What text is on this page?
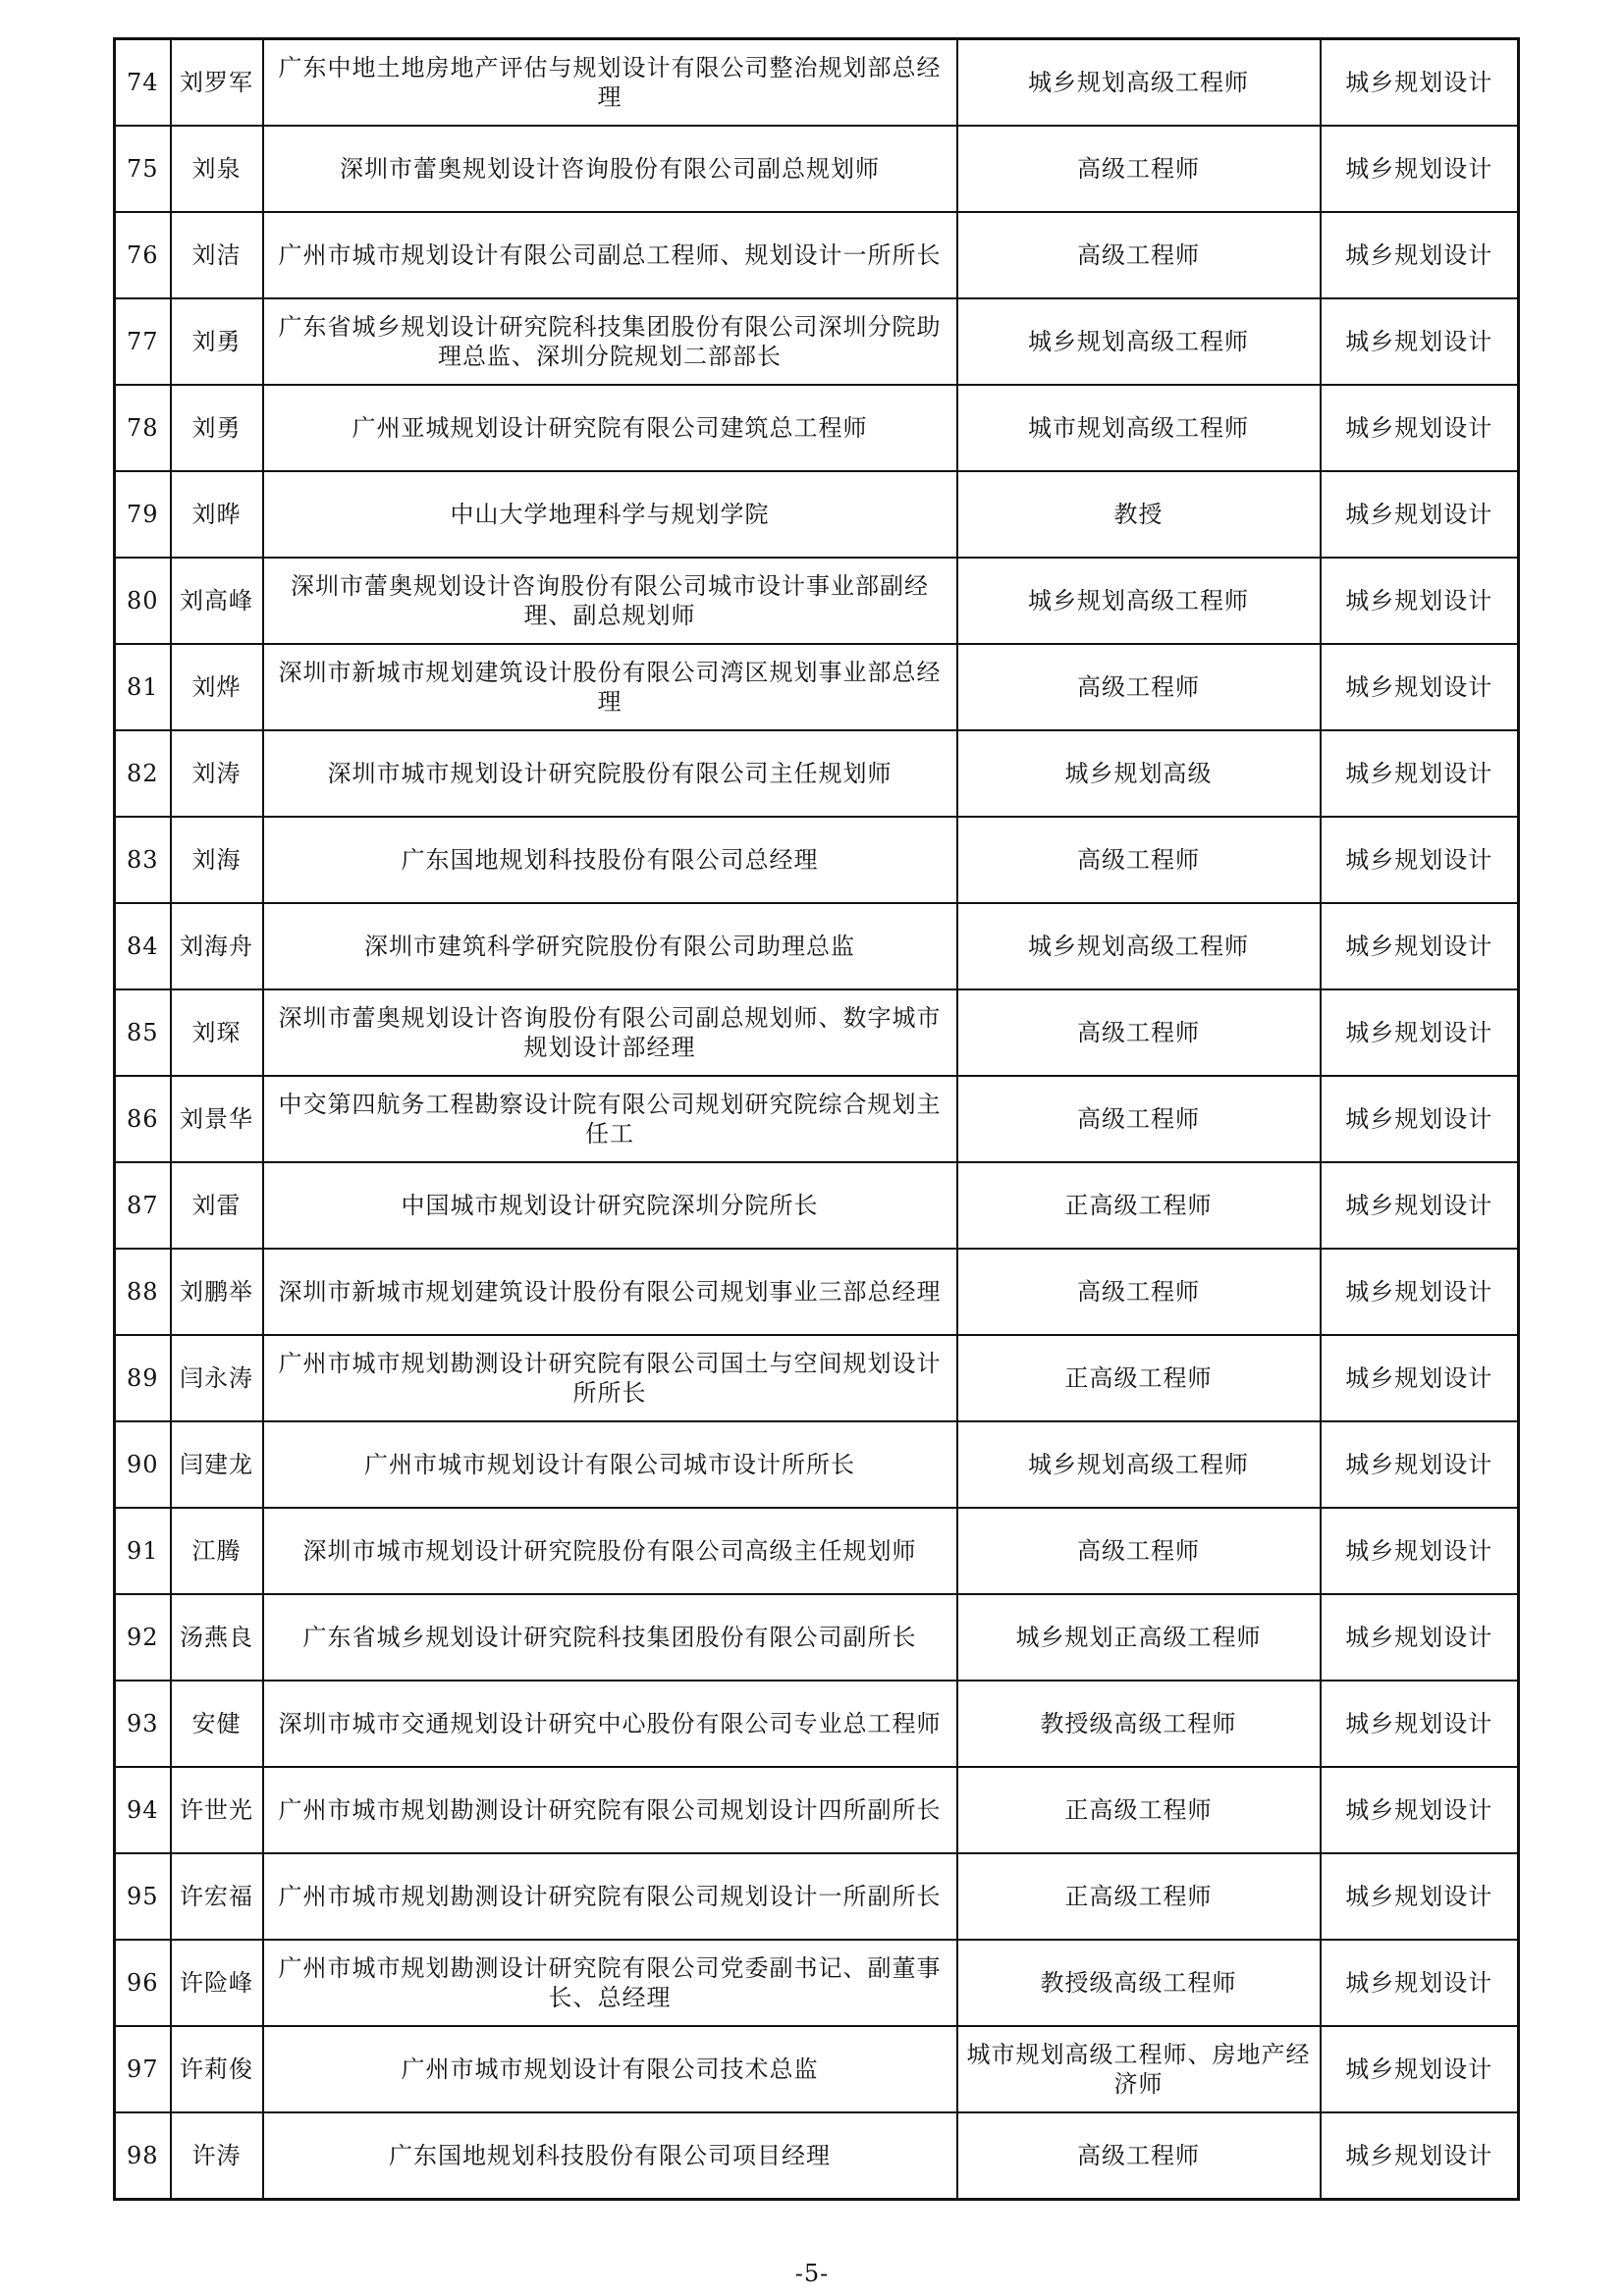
74	刘罗军	广东中地土地房地产评估与规划设计有限公司整治规划部总经理	城乡规划高级工程师	城乡规划设计
75	刘泉	深圳市蕾奥规划设计咨询股份有限公司副总规划师	高级工程师	城乡规划设计
76	刘洁	广州市城市规划设计有限公司副总工程师、规划设计一所所长	高级工程师	城乡规划设计
77	刘勇	广东省城乡规划设计研究院科技集团股份有限公司深圳分院助理总监、深圳分院规划二部部长	城乡规划高级工程师	城乡规划设计
78	刘勇	广州亚城规划设计研究院有限公司建筑总工程师	城市规划高级工程师	城乡规划设计
79	刘晔	中山大学地理科学与规划学院	教授	城乡规划设计
80	刘高峰	深圳市蕾奥规划设计咨询股份有限公司城市设计事业部副经理、副总规划师	城乡规划高级工程师	城乡规划设计
81	刘烨	深圳市新城市规划建筑设计股份有限公司湾区规划事业部总经理	高级工程师	城乡规划设计
82	刘涛	深圳市城市规划设计研究院股份有限公司主任规划师	城乡规划高级	城乡规划设计
83	刘海	广东国地规划科技股份有限公司总经理	高级工程师	城乡规划设计
84	刘海舟	深圳市建筑科学研究院股份有限公司助理总监	城乡规划高级工程师	城乡规划设计
85	刘琛	深圳市蕾奥规划设计咨询股份有限公司副总规划师、数字城市规划设计部经理	高级工程师	城乡规划设计
86	刘景华	中交第四航务工程勘察设计院有限公司规划研究院综合规划主任工	高级工程师	城乡规划设计
87	刘雷	中国城市规划设计研究院深圳分院所长	正高级工程师	城乡规划设计
88	刘鹏举	深圳市新城市规划建筑设计股份有限公司规划事业三部总经理	高级工程师	城乡规划设计
89	闫永涛	广州市城市规划勘测设计研究院有限公司国土与空间规划设计所所长	正高级工程师	城乡规划设计
90	闫建龙	广州市城市规划设计有限公司城市设计所所长	城乡规划高级工程师	城乡规划设计
91	江腾	深圳市城市规划设计研究院股份有限公司高级主任规划师	高级工程师	城乡规划设计
92	汤燕良	广东省城乡规划设计研究院科技集团股份有限公司副所长	城乡规划正高级工程师	城乡规划设计
93	安健	深圳市城市交通规划设计研究中心股份有限公司专业总工程师	教授级高级工程师	城乡规划设计
94	许世光	广州市城市规划勘测设计研究院有限公司规划设计四所副所长	正高级工程师	城乡规划设计
95	许宏福	广州市城市规划勘测设计研究院有限公司规划设计一所副所长	正高级工程师	城乡规划设计
96	许险峰	广州市城市规划勘测设计研究院有限公司党委副书记、副董事长、总经理	教授级高级工程师	城乡规划设计
97	许莉俊	广州市城市规划设计有限公司技术总监	城市规划高级工程师、房地产经济师	城乡规划设计
98	许涛	广东国地规划科技股份有限公司项目经理	高级工程师	城乡规划设计
-5-
